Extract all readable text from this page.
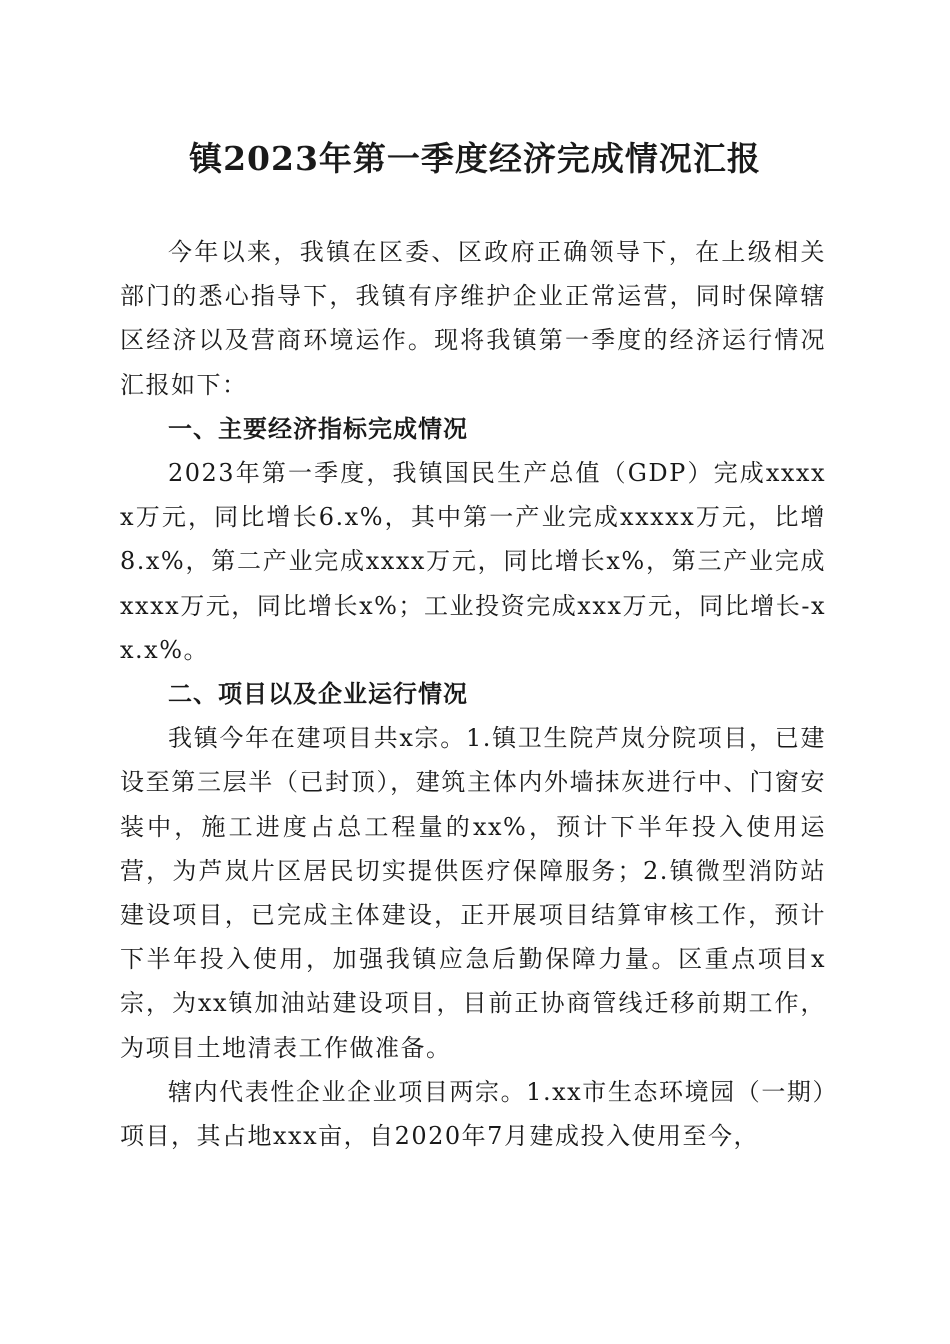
镇2023年第一季度经济完成情况汇报

今年以来，我镇在区委、区政府正确领导下，在上级相关部门的悉心指导下，我镇有序维护企业正常运营，同时保障辖区经济以及营商环境运作。现将我镇第一季度的经济运行情况汇报如下：

一、主要经济指标完成情况

2023年第一季度，我镇国民生产总值（GDP）完成xxxxx万元，同比增长6.x%，其中第一产业完成xxxxx万元，比增8.x%，第二产业完成xxxx万元，同比增长x%，第三产业完成xxxx万元，同比增长x%；工业投资完成xxx万元，同比增长-xx.x%。

二、项目以及企业运行情况

我镇今年在建项目共x宗。1.镇卫生院芦岚分院项目，已建设至第三层半（已封顶），建筑主体内外墙抹灰进行中、门窗安装中，施工进度占总工程量的xx%，预计下半年投入使用运营，为芦岚片区居民切实提供医疗保障服务；2.镇微型消防站建设项目，已完成主体建设，正开展项目结算审核工作，预计下半年投入使用，加强我镇应急后勤保障力量。区重点项目x宗，为xx镇加油站建设项目，目前正协商管线迁移前期工作，为项目土地清表工作做准备。

辖内代表性企业企业项目两宗。1.xx市生态环境园（一期）项目，其占地xxx亩，自2020年7月建成投入使用至今，
